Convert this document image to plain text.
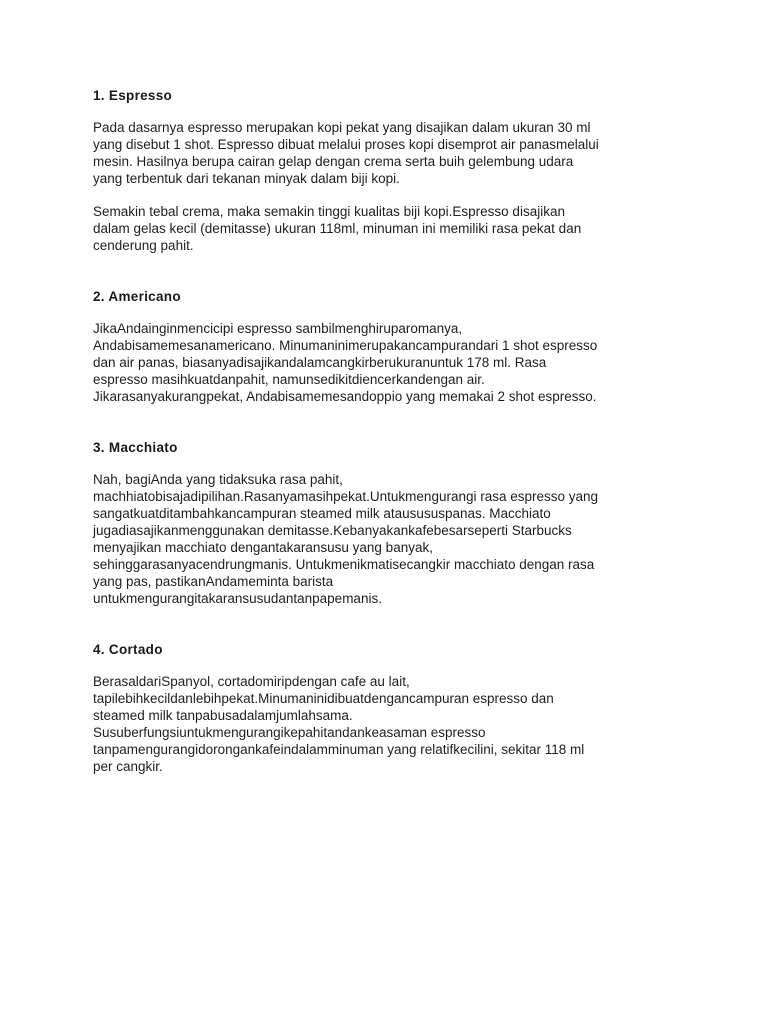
1. Espresso

Pada dasarnya espresso merupakan kopi pekat yang disajikan dalam ukuran 30 ml
yang disebut 1 shot. Espresso dibuat melalui proses kopi disemprot air panasmelalui
mesin. Hasilnya berupa cairan gelap dengan crema serta buih gelembung udara
yang terbentuk dari tekanan minyak dalam biji kopi.

Semakin tebal crema, maka semakin tinggi kualitas biji kopi.Espresso disajikan
dalam gelas kecil (demitasse) ukuran 118ml, minuman ini memiliki rasa pekat dan
cenderung pahit.

2. Americano

JikaAndainginmencicipi espresso sambilmenghiruparomanya,
Andabisamemesanamericano. Minumaninimerupakancampurandari 1 shot espresso
dan air panas, biasanyadisajikandalamcangkirberukuranuntuk 178 ml. Rasa
espresso masihkuatdanpahit, namunsedikitdiencerkandengan air.
Jikarasanyakurangpekat, Andabisamemesandoppio yang memakai 2 shot espresso.

3. Macchiato

Nah, bagiAnda yang tidaksuka rasa pahit,
machhiatobisajadipilihan.Rasanyamasihpekat.Untukmengurangi rasa espresso yang
sangatkuatditambahkancampuran steamed milk atausususpanas. Macchiato
jugadiasajikanmenggunakan demitasse.Kebanyakankafebesarseperti Starbucks
menyajikan macchiato dengantakaransusu yang banyak,
sehinggarasanyacendrungmanis. Untukmenikmatisecangkir macchiato dengan rasa
yang pas, pastikanAndameminta barista
untukmengurangitakaransusudantanpapemanis.

4. Cortado

BerasaldariSpanyol, cortadomiripdengan cafe au lait,
tapilebihkecildanlebihpekat.Minumaninidibuatdengancampuran espresso dan
steamed milk tanpabusadalamjumlahsama.
Susuberfungsiuntukmengurangikepahitandankeasaman espresso
tanpamengurangidorongankafeindalamminuman yang relatifkecilini, sekitar 118 ml
per cangkir.
